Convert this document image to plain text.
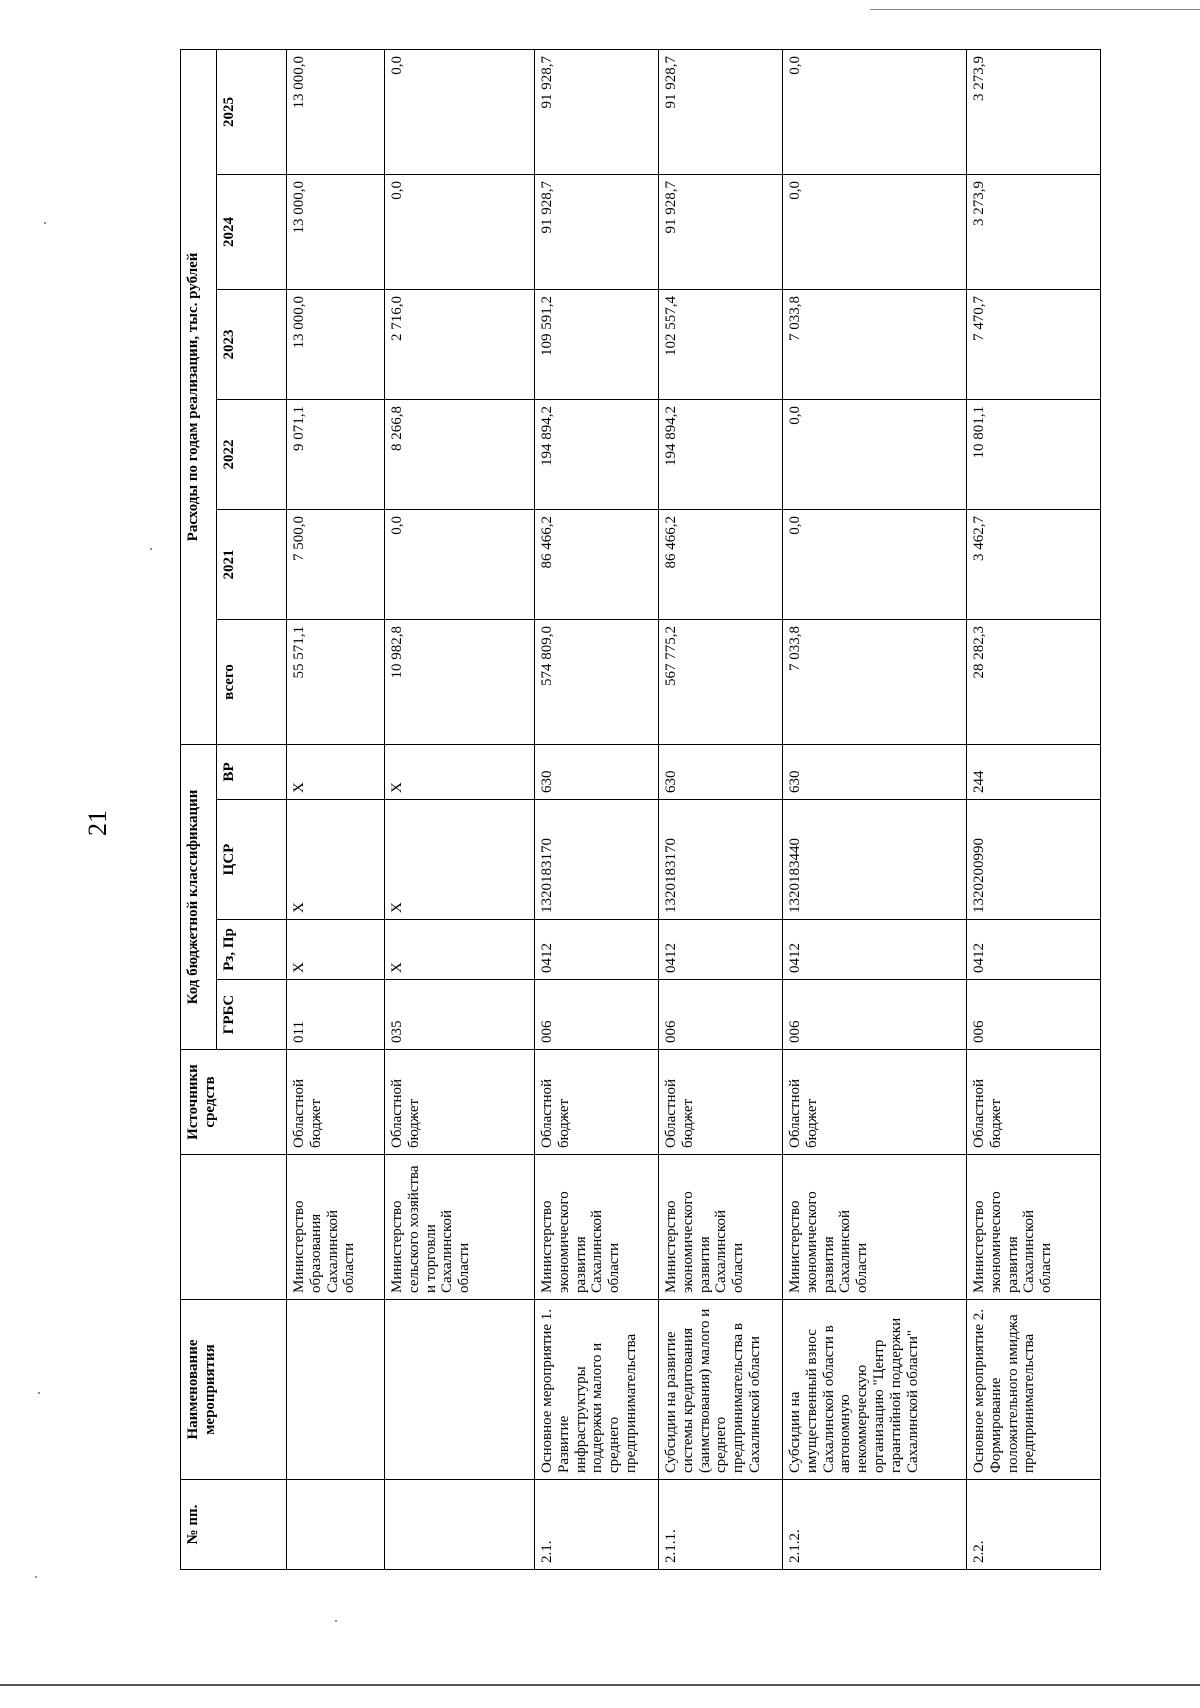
21
№ пп.	Наименование мероприятия		Источники средств	Код бюджетной классификации				Расходы по годам реализации, тыс. рублей					
				ГРБС	Рз, Пр	ЦСР	ВР	всего	2021	2022	2023	2024	2025
		Министерство образования Сахалинской области	Областной бюджет	011	X	X	X	55 571,1	7 500,0	9 071,1	13 000,0	13 000,0	13 000,0
		Министерство сельского хозяйства и торговли Сахалинской области	Областной бюджет	035	X	X	X	10 982,8	0,0	8 266,8	2 716,0	0,0	0,0
2.1.	Основное мероприятие 1. Развитие инфраструктуры поддержки малого и среднего предпринимательства	Министерство экономического развития Сахалинской области	Областной бюджет	006	0412	1320183170	630	574 809,0	86 466,2	194 894,2	109 591,2	91 928,7	91 928,7
2.1.1.	Субсидии на развитие системы кредитования (заимствования) малого и среднего предпринимательства в Сахалинской области	Министерство экономического развития Сахалинской области	Областной бюджет	006	0412	1320183170	630	567 775,2	86 466,2	194 894,2	102 557,4	91 928,7	91 928,7
2.1.2.	Субсидии на имущественный взнос Сахалинской области в автономную некоммерческую организацию "Центр гарантийной поддержки Сахалинской области"	Министерство экономического развития Сахалинской области	Областной бюджет	006	0412	1320183440	630	7 033,8	0,0	0,0	7 033,8	0,0	0,0
2.2.	Основное мероприятие 2. Формирование положительного имиджа предпринимательства	Министерство экономического развития Сахалинской области	Областной бюджет	006	0412	1320200990	244	28 282,3	3 462,7	10 801,1	7 470,7	3 273,9	3 273,9
